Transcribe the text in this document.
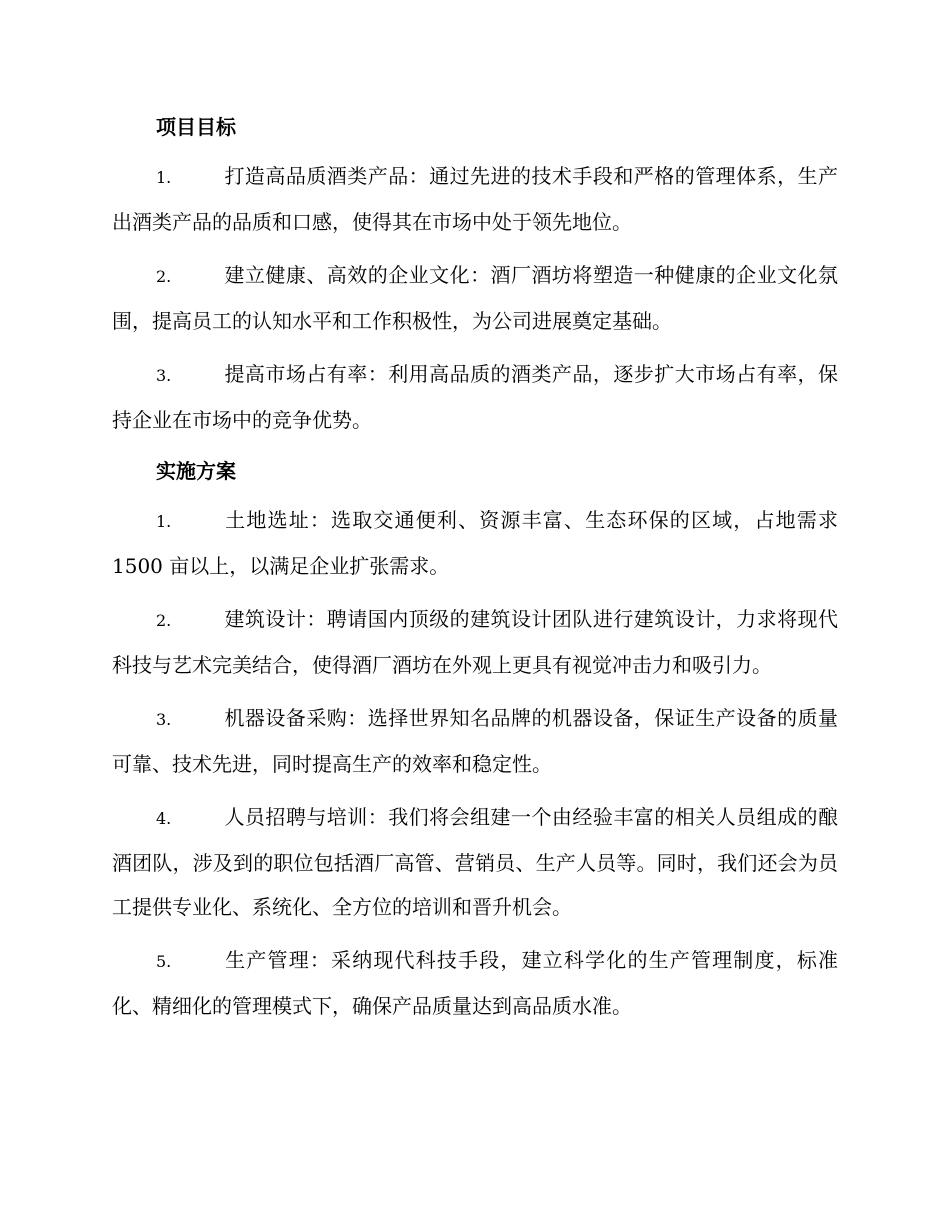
项目目标

1.	打造高品质酒类产品：通过先进的技术手段和严格的管理体系，生产出酒类产品的品质和口感，使得其在市场中处于领先地位。

2.	建立健康、高效的企业文化：酒厂酒坊将塑造一种健康的企业文化氛围，提高员工的认知水平和工作积极性，为公司进展奠定基础。

3.	提高市场占有率：利用高品质的酒类产品，逐步扩大市场占有率，保持企业在市场中的竞争优势。

实施方案

1.	土地选址：选取交通便利、资源丰富、生态环保的区域，占地需求 1500 亩以上，以满足企业扩张需求。

2.	建筑设计：聘请国内顶级的建筑设计团队进行建筑设计，力求将现代科技与艺术完美结合，使得酒厂酒坊在外观上更具有视觉冲击力和吸引力。

3.	机器设备采购：选择世界知名品牌的机器设备，保证生产设备的质量可靠、技术先进，同时提高生产的效率和稳定性。

4.	人员招聘与培训：我们将会组建一个由经验丰富的相关人员组成的酿酒团队，涉及到的职位包括酒厂高管、营销员、生产人员等。同时，我们还会为员工提供专业化、系统化、全方位的培训和晋升机会。

5.	生产管理：采纳现代科技手段，建立科学化的生产管理制度，标准化、精细化的管理模式下，确保产品质量达到高品质水准。
